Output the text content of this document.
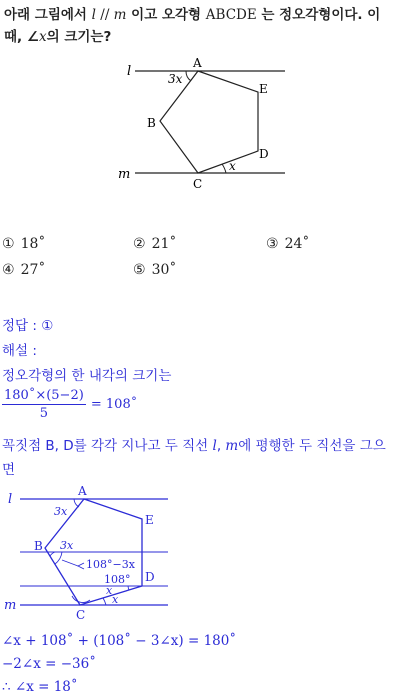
아래 그림에서 l // m 이고 오각형 ABCDE 는 정오각형이다. 이
때, ∠x의 크기는?
l
m
A
B
C
D
E
3x
x
① 18˚	② 21˚	③ 24˚
④ 27˚	⑤ 30˚
정답 : ①
해설 :
정오각형의 한 내각의 크기는
$\frac{180˚\times(5-2)}{5}$ = 108˚
꼭짓점 B, D를 각각 지나고 두 직선 l, m에 평행한 두 직선을 그으
면
l
m
A
B
C
D
E
3x
3x
108°−3x
108°
x
x
∠x + 108˚ + (108˚ − 3∠x) = 180˚
−2∠x = −36˚
∴ ∠x = 18˚
